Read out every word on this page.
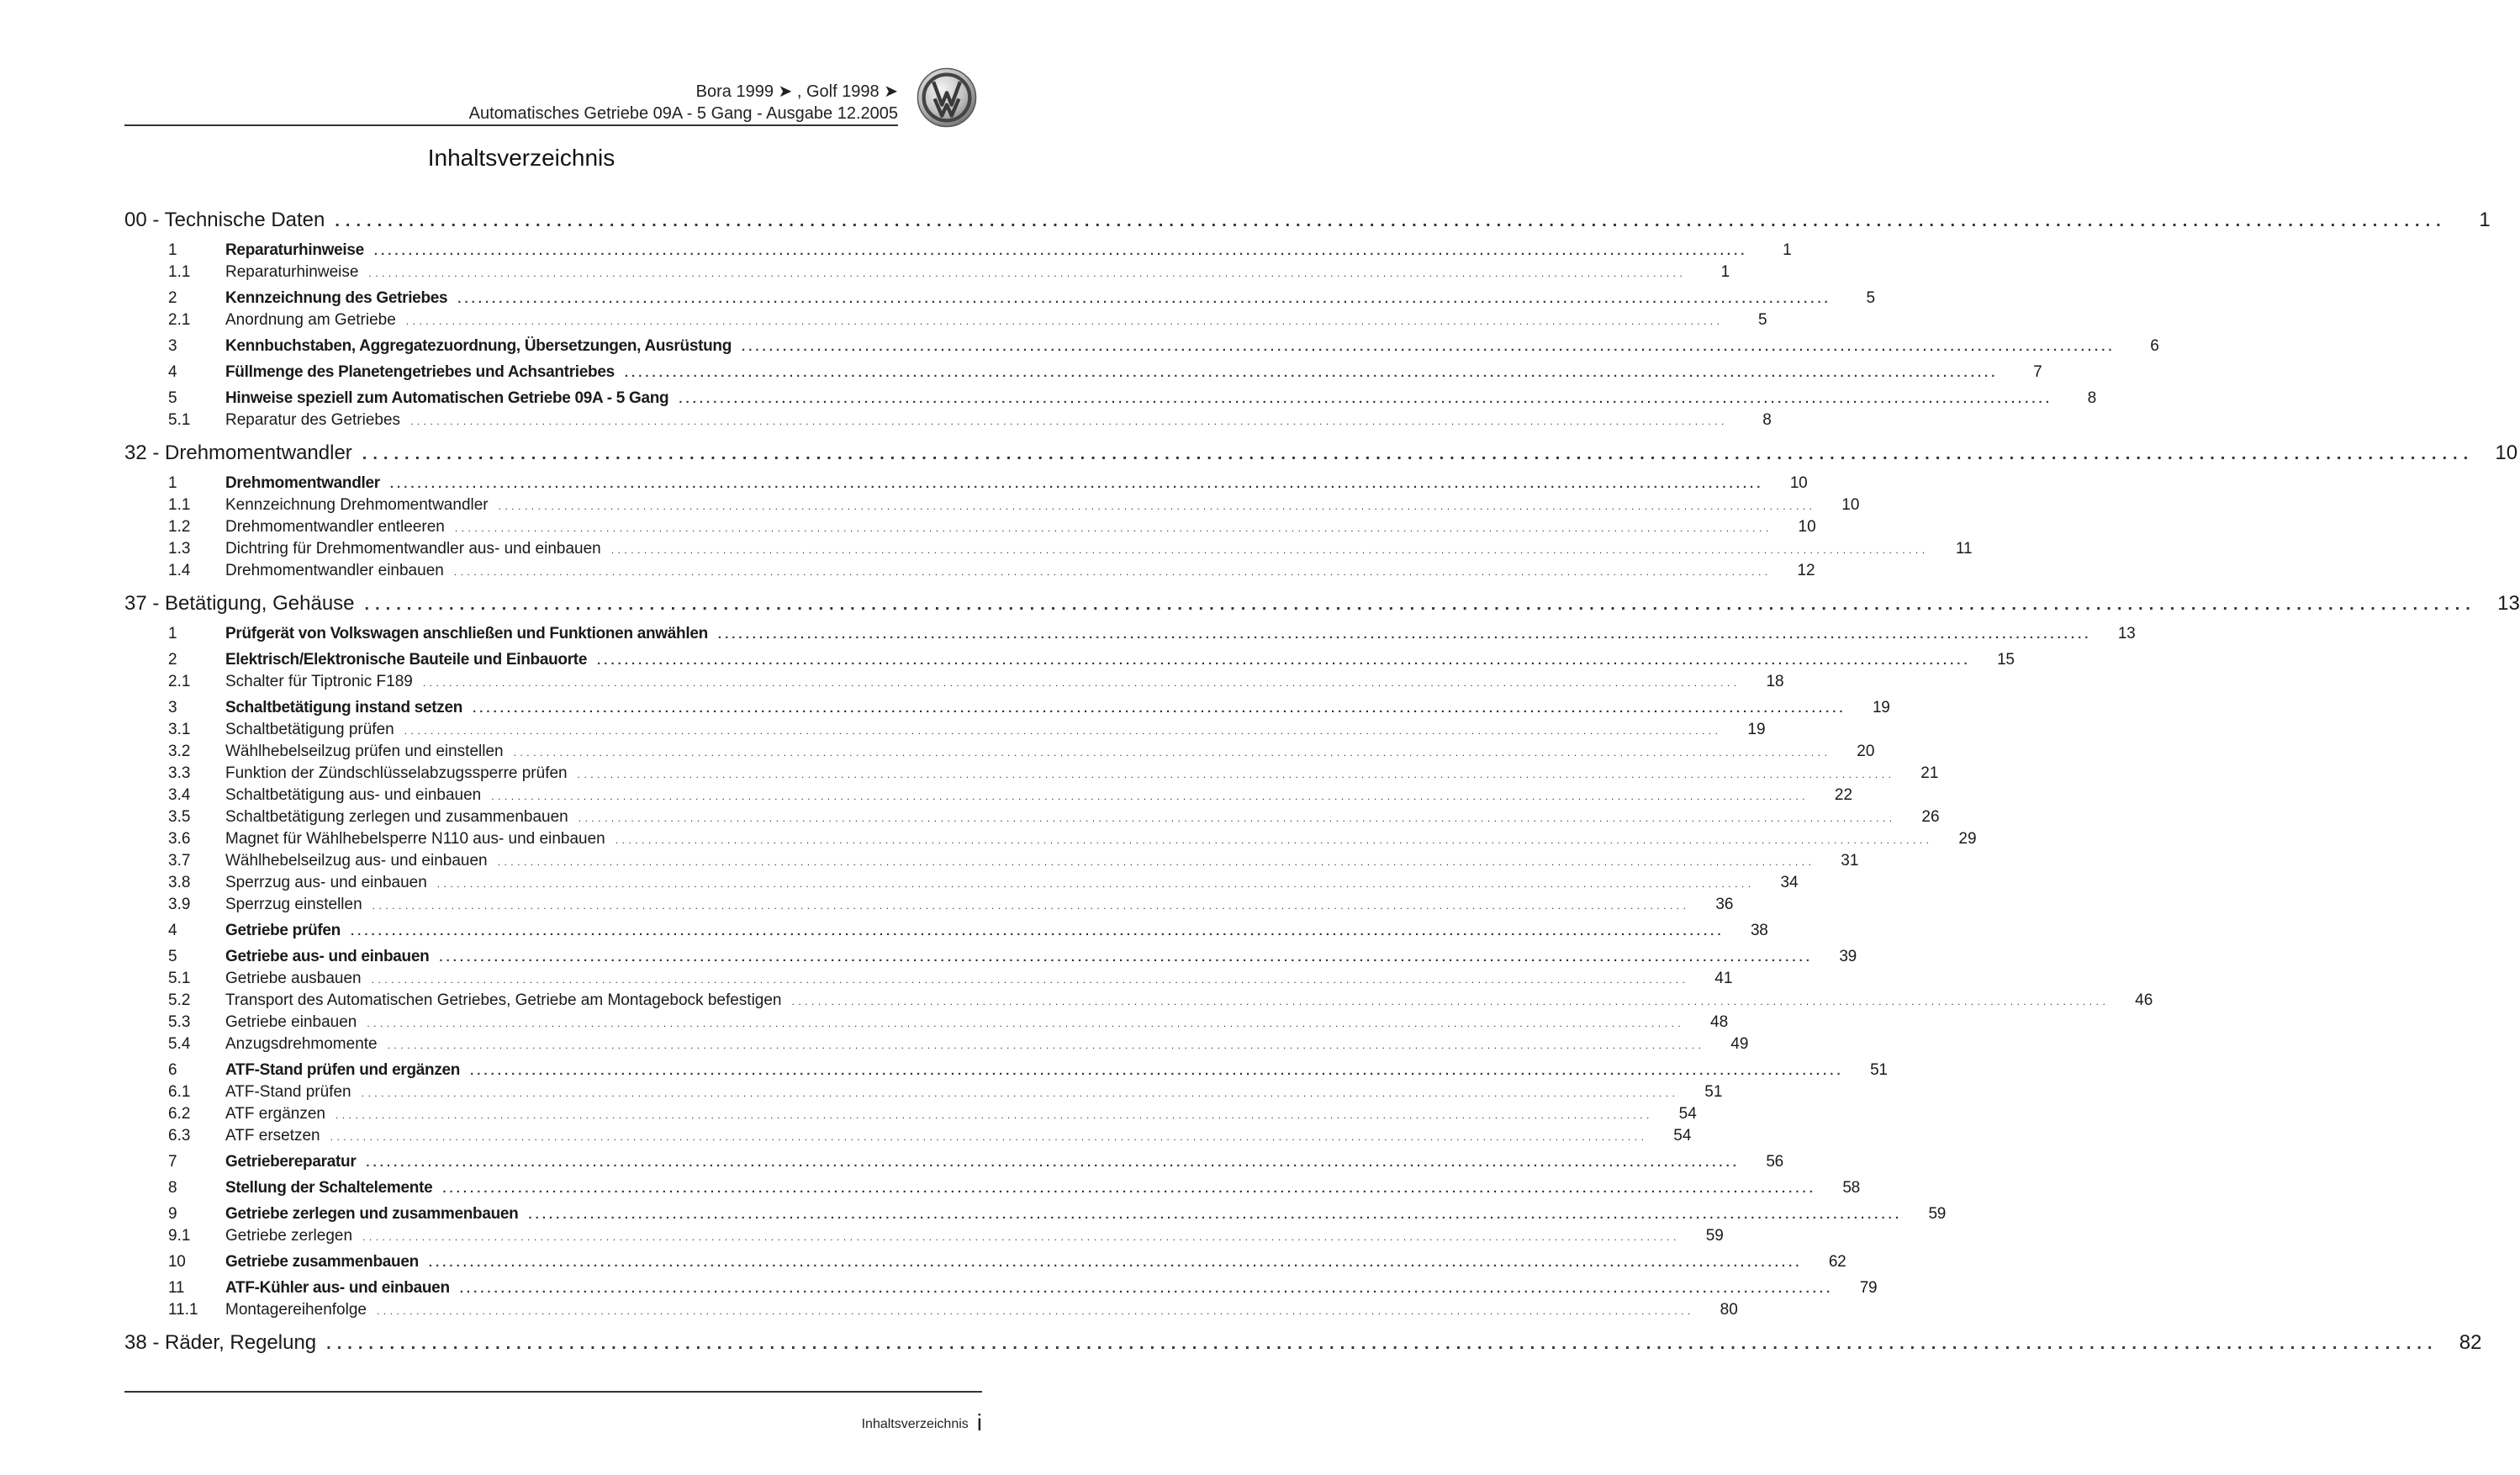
Bora 1999 ➤ , Golf 1998 ➤
Automatisches Getriebe 09A - 5 Gang - Ausgabe 12.2005
Inhaltsverzeichnis
00 - Technische Daten ........................................................................................................................................................................................................	1
1	Reparaturhinweise ........................................................................................................................................................................................................	1
1.1	Reparaturhinweise ........................................................................................................................................................................................................	1
2	Kennzeichnung des Getriebes ........................................................................................................................................................................................................	5
2.1	Anordnung am Getriebe ........................................................................................................................................................................................................	5
3	Kennbuchstaben, Aggregatezuordnung, Übersetzungen, Ausrüstung ........................................................................................................................................................................................................	6
4	Füllmenge des Planetengetriebes und Achsantriebes ........................................................................................................................................................................................................	7
5	Hinweise speziell zum Automatischen Getriebe 09A - 5 Gang ........................................................................................................................................................................................................	8
5.1	Reparatur des Getriebes ........................................................................................................................................................................................................	8
32 - Drehmomentwandler ........................................................................................................................................................................................................	10
1	Drehmomentwandler ........................................................................................................................................................................................................	10
1.1	Kennzeichnung Drehmomentwandler ........................................................................................................................................................................................................	10
1.2	Drehmomentwandler entleeren ........................................................................................................................................................................................................	10
1.3	Dichtring für Drehmomentwandler aus- und einbauen ........................................................................................................................................................................................................	11
1.4	Drehmomentwandler einbauen ........................................................................................................................................................................................................	12
37 - Betätigung, Gehäuse ........................................................................................................................................................................................................	13
1	Prüfgerät von Volkswagen anschließen und Funktionen anwählen ........................................................................................................................................................................................................	13
2	Elektrisch/Elektronische Bauteile und Einbauorte ........................................................................................................................................................................................................	15
2.1	Schalter für Tiptronic F189 ........................................................................................................................................................................................................	18
3	Schaltbetätigung instand setzen ........................................................................................................................................................................................................	19
3.1	Schaltbetätigung prüfen ........................................................................................................................................................................................................	19
3.2	Wählhebelseilzug prüfen und einstellen ........................................................................................................................................................................................................	20
3.3	Funktion der Zündschlüsselabzugssperre prüfen ........................................................................................................................................................................................................	21
3.4	Schaltbetätigung aus- und einbauen ........................................................................................................................................................................................................	22
3.5	Schaltbetätigung zerlegen und zusammenbauen ........................................................................................................................................................................................................	26
3.6	Magnet für Wählhebelsperre N110 aus- und einbauen ........................................................................................................................................................................................................	29
3.7	Wählhebelseilzug aus- und einbauen ........................................................................................................................................................................................................	31
3.8	Sperrzug aus- und einbauen ........................................................................................................................................................................................................	34
3.9	Sperrzug einstellen ........................................................................................................................................................................................................	36
4	Getriebe prüfen ........................................................................................................................................................................................................	38
5	Getriebe aus- und einbauen ........................................................................................................................................................................................................	39
5.1	Getriebe ausbauen ........................................................................................................................................................................................................	41
5.2	Transport des Automatischen Getriebes, Getriebe am Montagebock befestigen ........................................................................................................................................................................................................	46
5.3	Getriebe einbauen ........................................................................................................................................................................................................	48
5.4	Anzugsdrehmomente ........................................................................................................................................................................................................	49
6	ATF-Stand prüfen und ergänzen ........................................................................................................................................................................................................	51
6.1	ATF-Stand prüfen ........................................................................................................................................................................................................	51
6.2	ATF ergänzen ........................................................................................................................................................................................................	54
6.3	ATF ersetzen ........................................................................................................................................................................................................	54
7	Getriebereparatur ........................................................................................................................................................................................................	56
8	Stellung der Schaltelemente ........................................................................................................................................................................................................	58
9	Getriebe zerlegen und zusammenbauen ........................................................................................................................................................................................................	59
9.1	Getriebe zerlegen ........................................................................................................................................................................................................	59
10	Getriebe zusammenbauen ........................................................................................................................................................................................................	62
11	ATF-Kühler aus- und einbauen ........................................................................................................................................................................................................	79
11.1	Montagereihenfolge ........................................................................................................................................................................................................	80
38 - Räder, Regelung ........................................................................................................................................................................................................	82
Inhaltsverzeichnis i
